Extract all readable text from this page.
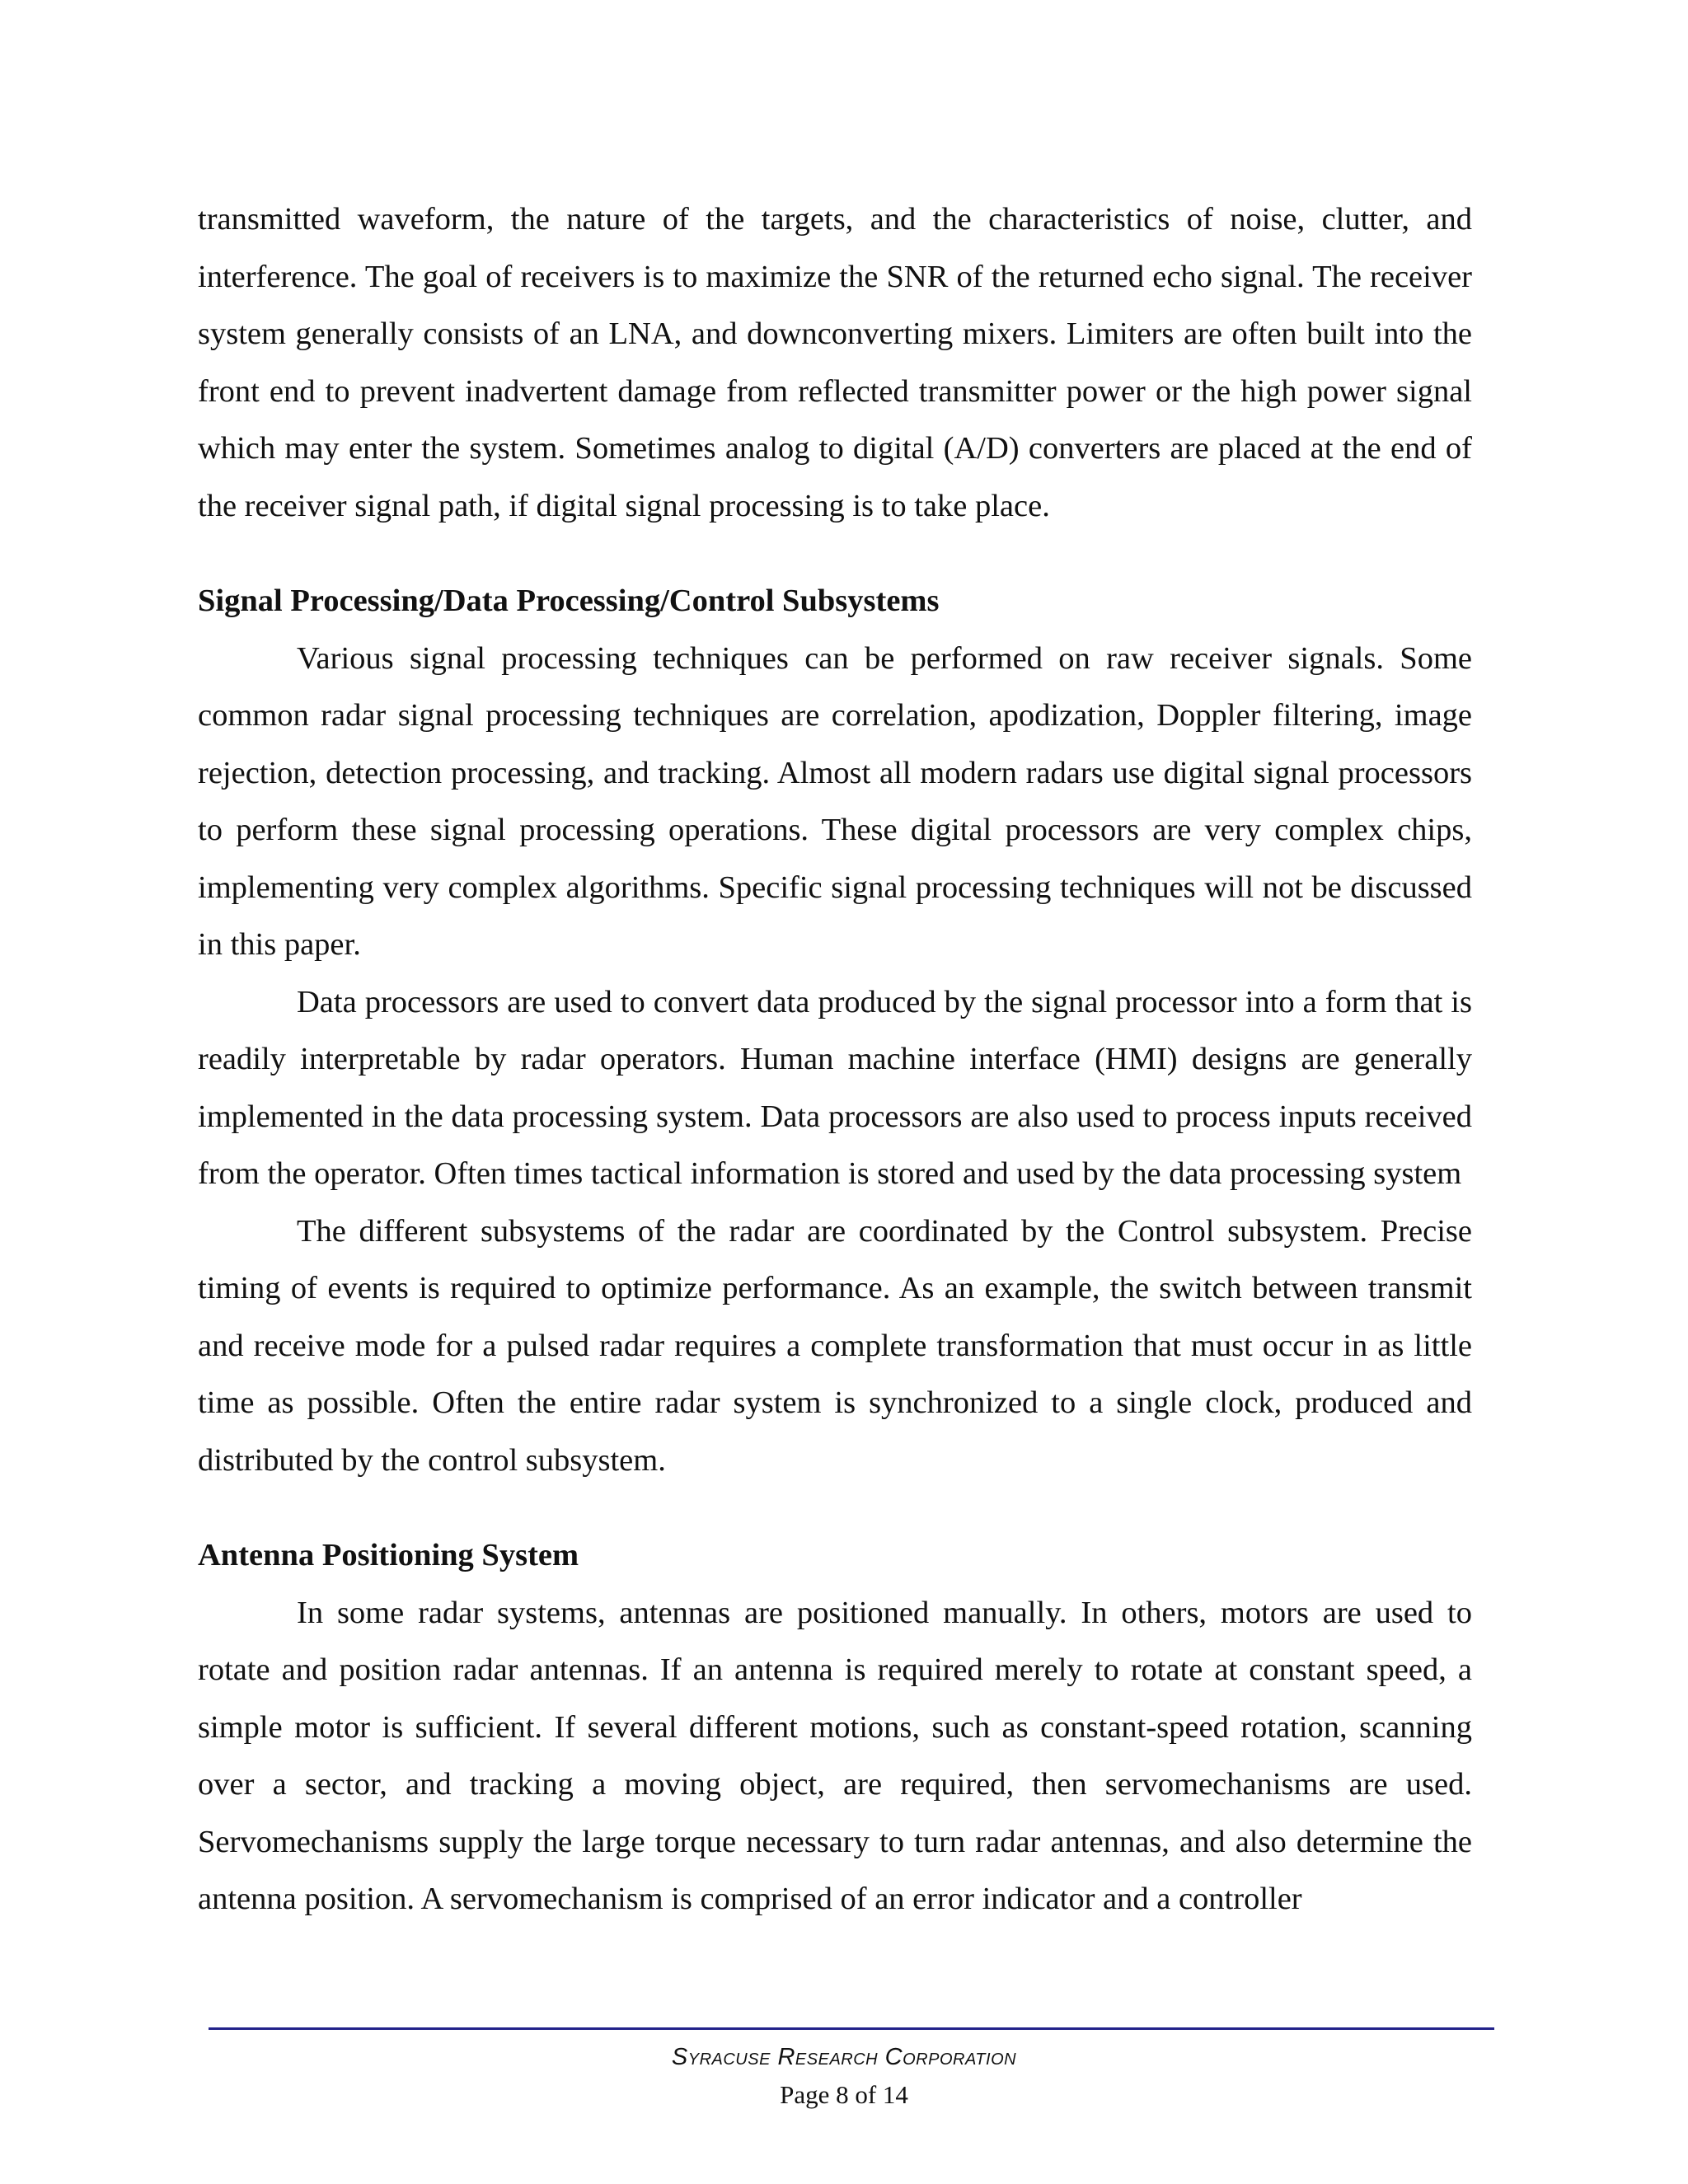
transmitted waveform, the nature of the targets, and the characteristics of noise, clutter, and interference. The goal of receivers is to maximize the SNR of the returned echo signal. The receiver system generally consists of an LNA, and downconverting mixers. Limiters are often built into the front end to prevent inadvertent damage from reflected transmitter power or the high power signal which may enter the system. Sometimes analog to digital (A/D) converters are placed at the end of the receiver signal path, if digital signal processing is to take place.

Signal Processing/Data Processing/Control Subsystems

Various signal processing techniques can be performed on raw receiver signals. Some common radar signal processing techniques are correlation, apodization, Doppler filtering, image rejection, detection processing, and tracking. Almost all modern radars use digital signal processors to perform these signal processing operations. These digital processors are very complex chips, implementing very complex algorithms. Specific signal processing techniques will not be discussed in this paper.

Data processors are used to convert data produced by the signal processor into a form that is readily interpretable by radar operators. Human machine interface (HMI) designs are generally implemented in the data processing system. Data processors are also used to process inputs received from the operator. Often times tactical information is stored and used by the data processing system

The different subsystems of the radar are coordinated by the Control subsystem. Precise timing of events is required to optimize performance. As an example, the switch between transmit and receive mode for a pulsed radar requires a complete transformation that must occur in as little time as possible. Often the entire radar system is synchronized to a single clock, produced and distributed by the control subsystem.

Antenna Positioning System

In some radar systems, antennas are positioned manually. In others, motors are used to rotate and position radar antennas. If an antenna is required merely to rotate at constant speed, a simple motor is sufficient. If several different motions, such as constant-speed rotation, scanning over a sector, and tracking a moving object, are required, then servomechanisms are used. Servomechanisms supply the large torque necessary to turn radar antennas, and also determine the antenna position. A servomechanism is comprised of an error indicator and a controller

Syracuse Research Corporation
Page 8 of 14
